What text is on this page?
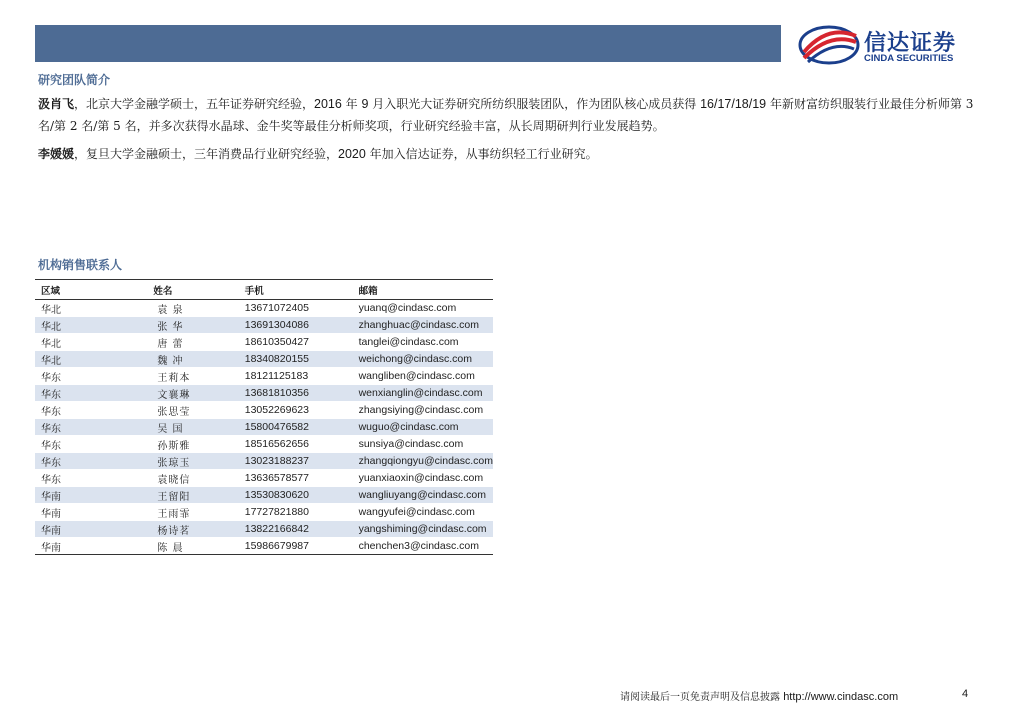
信达证券
CINDA SECURITIES
研究团队简介
汲肖飞，北京大学金融学硕士，五年证券研究经验，2016 年 9 月入职光大证券研究所纺织服装团队，作为团队核心成员获得 16/17/18/19 年新财富纺织服装行业最佳分析师第 3 名/第 2 名/第 5 名，并多次获得水晶球、金牛奖等最佳分析师奖项，行业研究经验丰富，从长周期研判行业发展趋势。
李媛媛，复旦大学金融硕士，三年消费品行业研究经验，2020 年加入信达证券，从事纺织轻工行业研究。
机构销售联系人
区域	姓名	手机	邮箱
华北	袁 泉	13671072405	yuanq@cindasc.com
华北	张 华	13691304086	zhanghuac@cindasc.com
华北	唐 蕾	18610350427	tanglei@cindasc.com
华北	魏 冲	18340820155	weichong@cindasc.com
华东	王莉本	18121125183	wangliben@cindasc.com
华东	文襄琳	13681810356	wenxianglin@cindasc.com
华东	张思莹	13052269623	zhangsiying@cindasc.com
华东	吴 国	15800476582	wuguo@cindasc.com
华东	孙斯雅	18516562656	sunsiya@cindasc.com
华东	张琼玉	13023188237	zhangqiongyu@cindasc.com
华东	袁晓信	13636578577	yuanxiaoxin@cindasc.com
华南	王留阳	13530830620	wangliuyang@cindasc.com
华南	王雨霏	17727821880	wangyufei@cindasc.com
华南	杨诗茗	13822166842	yangshiming@cindasc.com
华南	陈 晨	15986679987	chenchen3@cindasc.com
请阅读最后一页免责声明及信息披露 http://www.cindasc.com	4
